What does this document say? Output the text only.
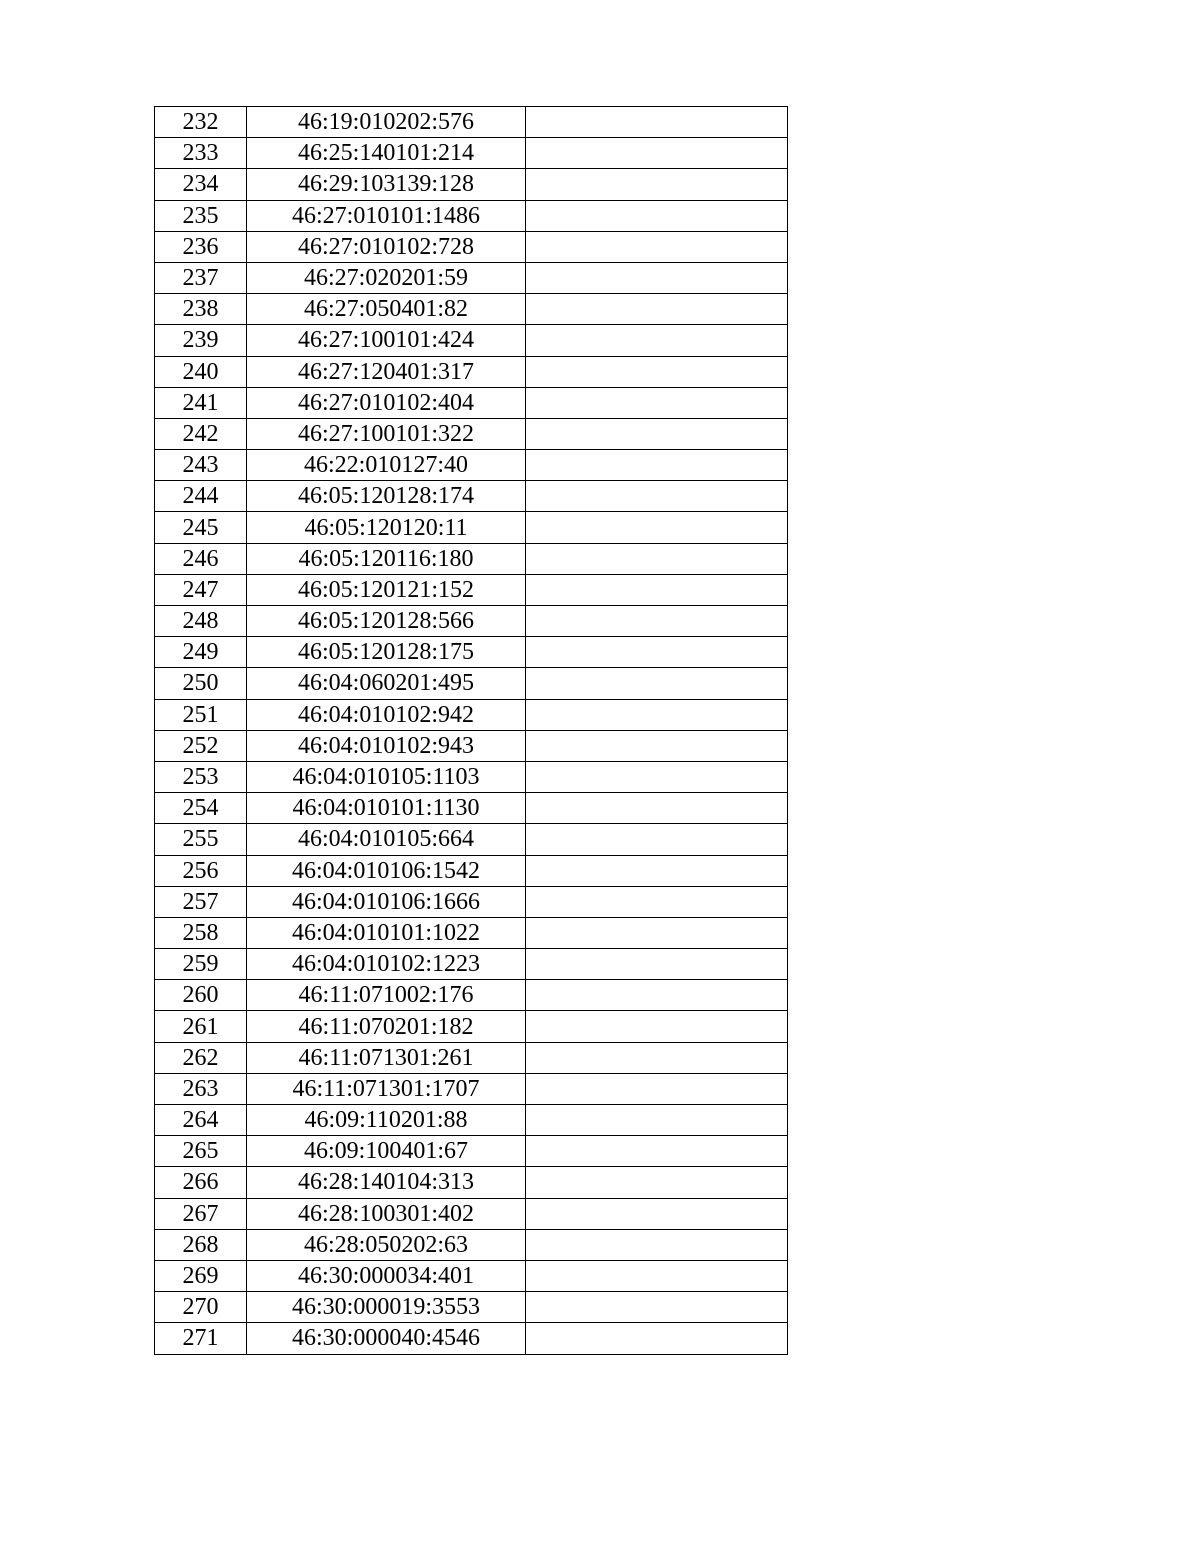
232	46:19:010202:576	
233	46:25:140101:214	
234	46:29:103139:128	
235	46:27:010101:1486	
236	46:27:010102:728	
237	46:27:020201:59	
238	46:27:050401:82	
239	46:27:100101:424	
240	46:27:120401:317	
241	46:27:010102:404	
242	46:27:100101:322	
243	46:22:010127:40	
244	46:05:120128:174	
245	46:05:120120:11	
246	46:05:120116:180	
247	46:05:120121:152	
248	46:05:120128:566	
249	46:05:120128:175	
250	46:04:060201:495	
251	46:04:010102:942	
252	46:04:010102:943	
253	46:04:010105:1103	
254	46:04:010101:1130	
255	46:04:010105:664	
256	46:04:010106:1542	
257	46:04:010106:1666	
258	46:04:010101:1022	
259	46:04:010102:1223	
260	46:11:071002:176	
261	46:11:070201:182	
262	46:11:071301:261	
263	46:11:071301:1707	
264	46:09:110201:88	
265	46:09:100401:67	
266	46:28:140104:313	
267	46:28:100301:402	
268	46:28:050202:63	
269	46:30:000034:401	
270	46:30:000019:3553	
271	46:30:000040:4546	
